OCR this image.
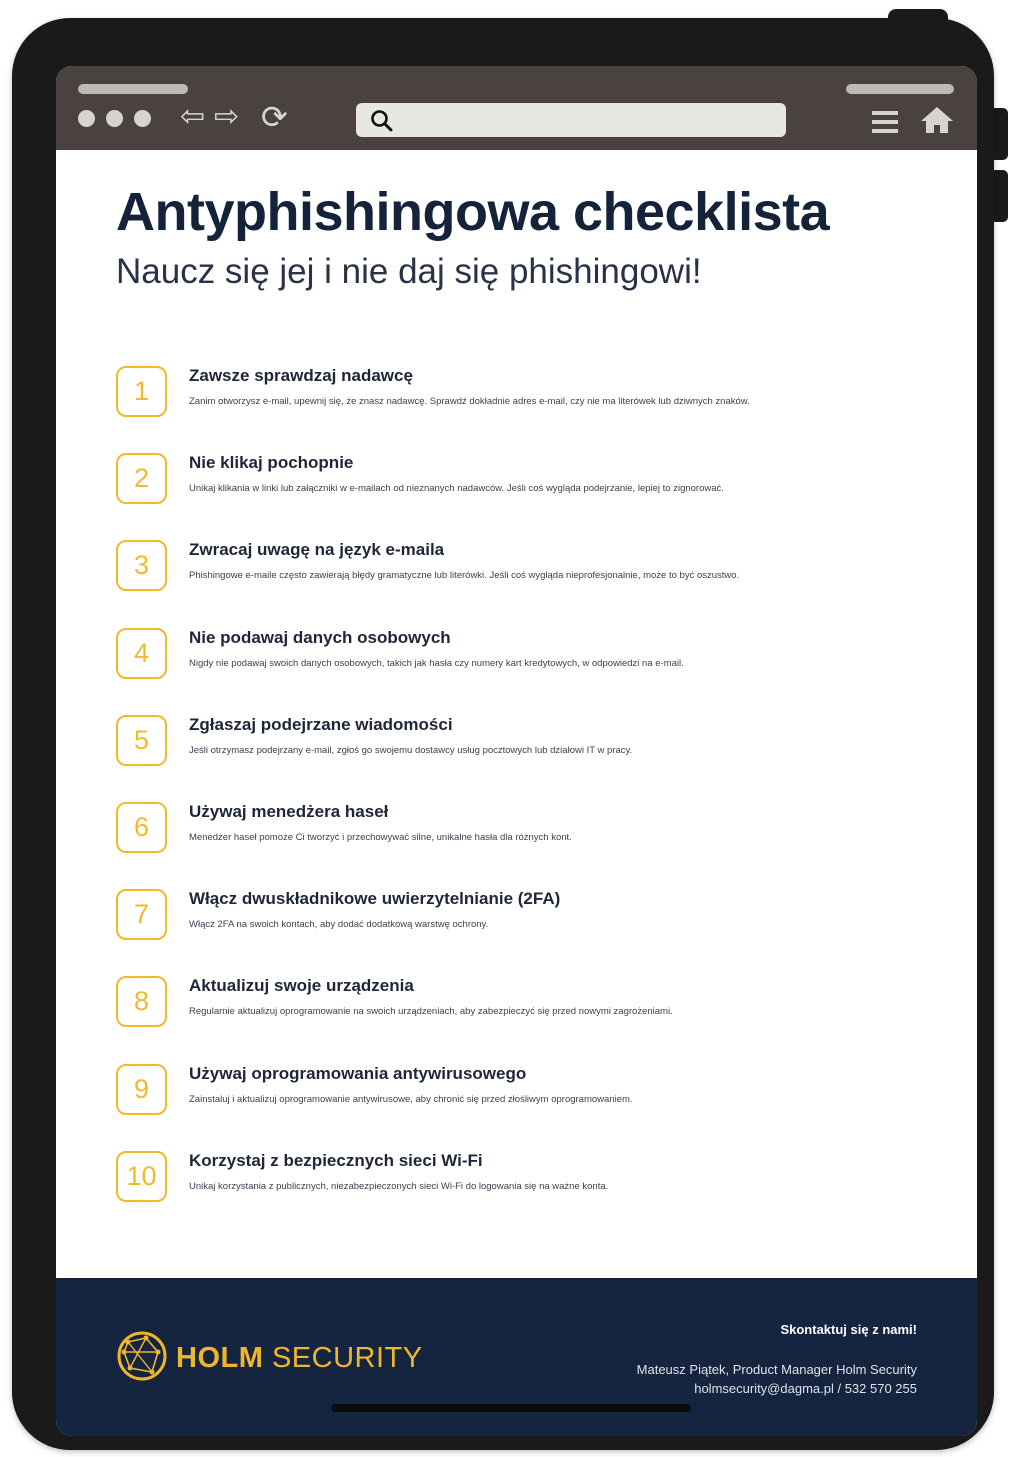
⇦ ⇨ ⟳
Antyphishingowa checklista
Naucz się jej i nie daj się phishingowi!
1
Zawsze sprawdzaj nadawcę
Zanim otworzysz e-mail, upewnij się, że znasz nadawcę. Sprawdź dokładnie adres e-mail, czy nie ma literówek lub dziwnych znaków.
2
Nie klikaj pochopnie
Unikaj klikania w linki lub załączniki w e-mailach od nieznanych nadawców. Jeśli coś wygląda podejrzanie, lepiej to zignorować.
3
Zwracaj uwagę na język e-maila
Phishingowe e-maile często zawierają błędy gramatyczne lub literówki. Jeśli coś wygląda nieprofesjonalnie, może to być oszustwo.
4
Nie podawaj danych osobowych
Nigdy nie podawaj swoich danych osobowych, takich jak hasła czy numery kart kredytowych, w odpowiedzi na e-mail.
5
Zgłaszaj podejrzane wiadomości
Jeśli otrzymasz podejrzany e-mail, zgłoś go swojemu dostawcy usług pocztowych lub działowi IT w pracy.
6
Używaj menedżera haseł
Menedżer haseł pomoże Ci tworzyć i przechowywać silne, unikalne hasła dla różnych kont.
7
Włącz dwuskładnikowe uwierzytelnianie (2FA)
Włącz 2FA na swoich kontach, aby dodać dodatkową warstwę ochrony.
8
Aktualizuj swoje urządzenia
Regularnie aktualizuj oprogramowanie na swoich urządzeniach, aby zabezpieczyć się przed nowymi zagrożeniami.
9
Używaj oprogramowania antywirusowego
Zainstaluj i aktualizuj oprogramowanie antywirusowe, aby chronić się przed złośliwym oprogramowaniem.
10
Korzystaj z bezpiecznych sieci Wi-Fi
Unikaj korzystania z publicznych, niezabezpieczonych sieci Wi-Fi do logowania się na ważne konta.
HOLM SECURITY
Skontaktuj się z nami!
Mateusz Piątek, Product Manager Holm Security
holmsecurity@dagma.pl / 532 570 255
